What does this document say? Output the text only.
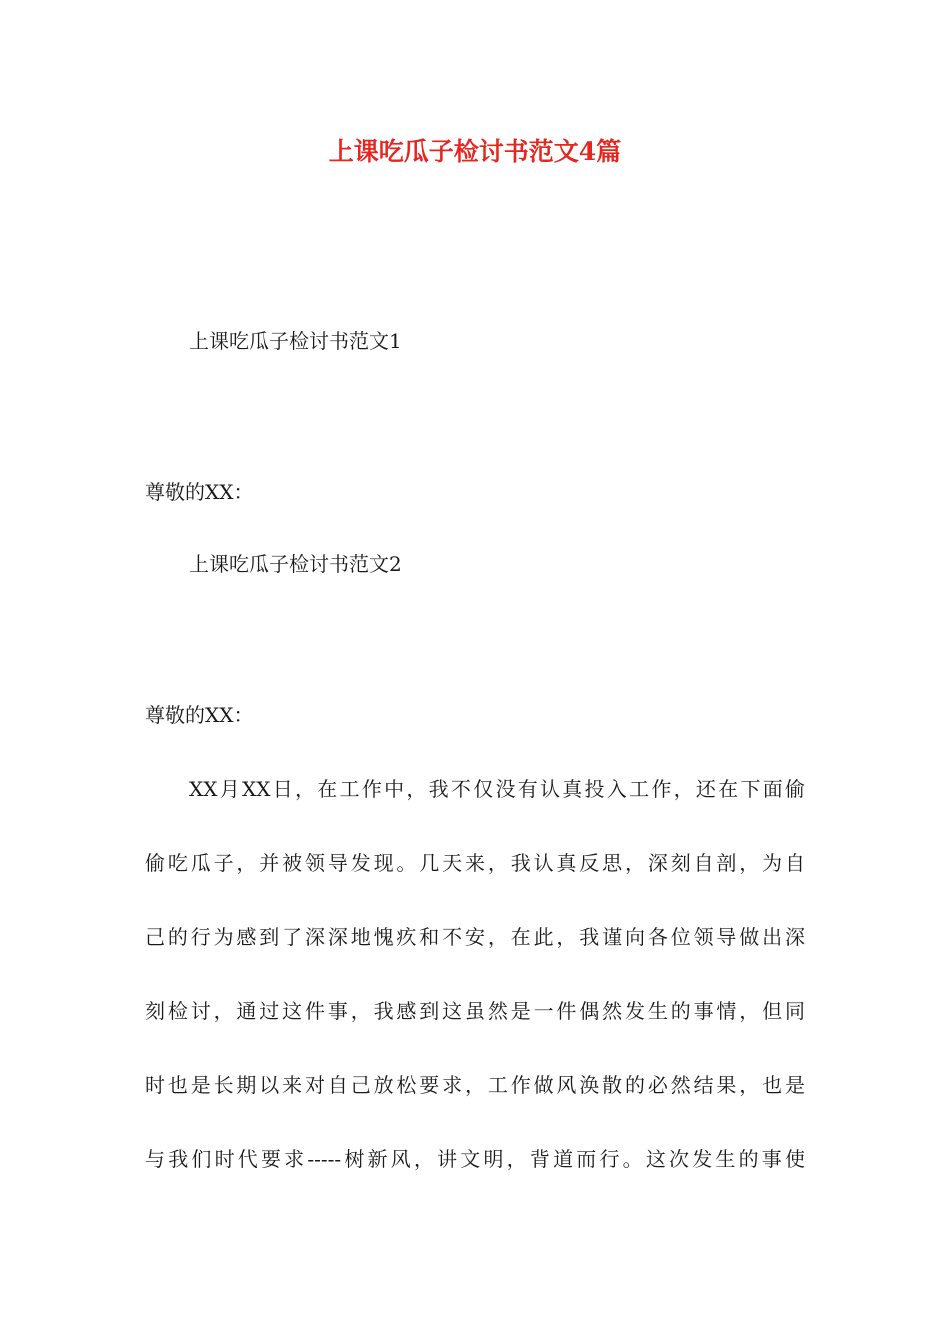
上课吃瓜子检讨书范文4篇
上课吃瓜子检讨书范文1
尊敬的XX：
上课吃瓜子检讨书范文2
尊敬的XX：
XX月XX日，在工作中，我不仅没有认真投入工作，还在下面偷
偷吃瓜子，并被领导发现。几天来，我认真反思，深刻自剖，为自
己的行为感到了深深地愧疚和不安，在此，我谨向各位领导做出深
刻检讨，通过这件事，我感到这虽然是一件偶然发生的事情，但同
时也是长期以来对自己放松要求，工作做风涣散的必然结果，也是
与我们时代要求-----树新风，讲文明，背道而行。这次发生的事使
